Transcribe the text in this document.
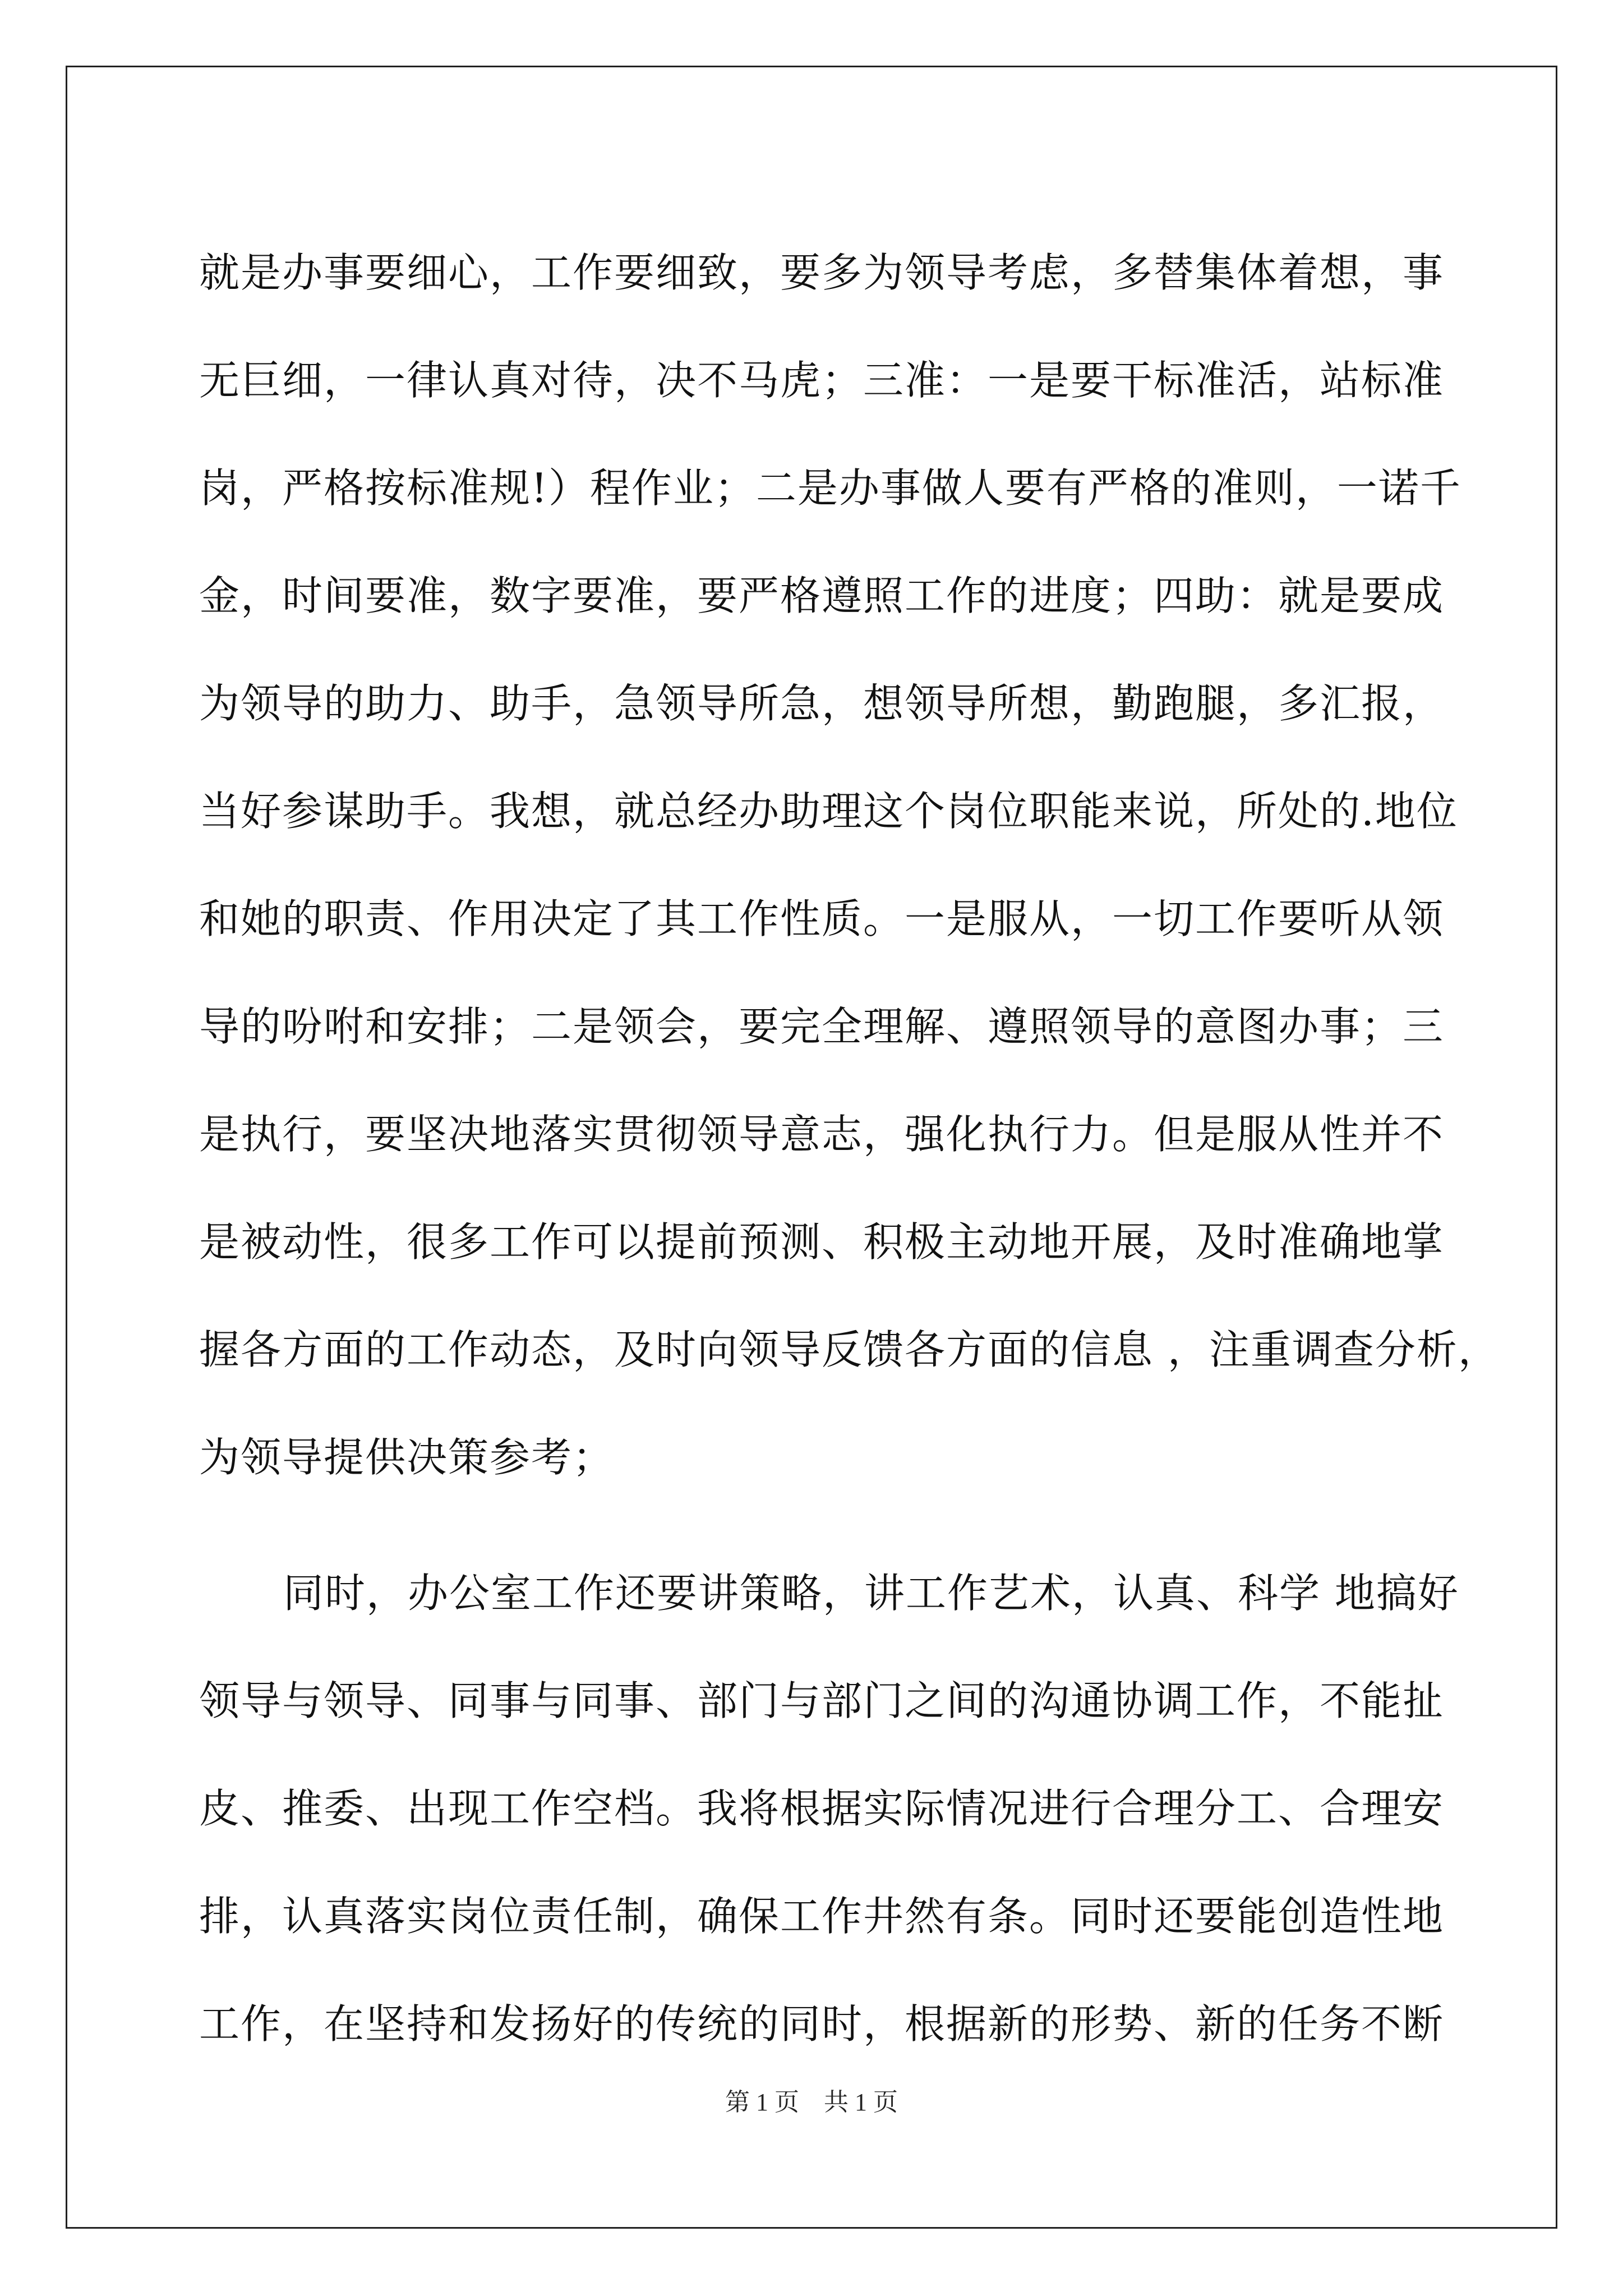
就是办事要细心，工作要细致，要多为领导考虑，多替集体着想，事
无巨细，一律认真对待，决不马虎；三准：一是要干标准活，站标准
岗，严格按标准规!）程作业；二是办事做人要有严格的准则，一诺千
金，时间要准，数字要准，要严格遵照工作的进度；四助：就是要成
为领导的助力、助手，急领导所急，想领导所想，勤跑腿，多汇报，
当好参谋助手。我想，就总经办助理这个岗位职能来说，所处的.地位
和她的职责、作用决定了其工作性质。一是服从，一切工作要听从领
导的吩咐和安排；二是领会，要完全理解、遵照领导的意图办事；三
是执行，要坚决地落实贯彻领导意志，强化执行力。但是服从性并不
是被动性，很多工作可以提前预测、积极主动地开展，及时准确地掌
握各方面的工作动态，及时向领导反馈各方面的信息 ，注重调查分析，
为领导提供决策参考；
同时，办公室工作还要讲策略，讲工作艺术，认真、科学 地搞好
领导与领导、同事与同事、部门与部门之间的沟通协调工作，不能扯
皮、推委、出现工作空档。我将根据实际情况进行合理分工、合理安
排，认真落实岗位责任制，确保工作井然有条。同时还要能创造性地
工作，在坚持和发扬好的传统的同时，根据新的形势、新的任务不断
第 1 页    共 1 页
